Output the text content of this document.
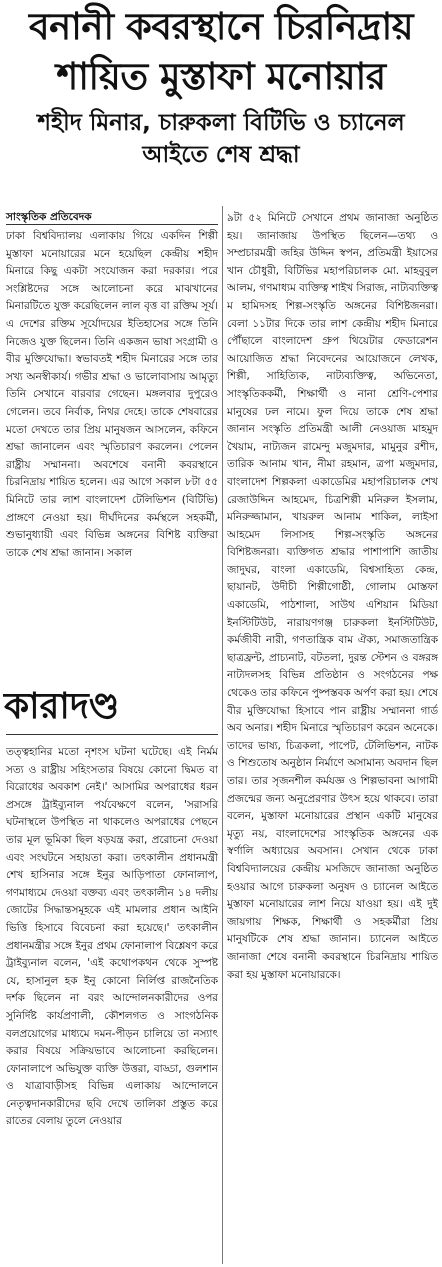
বনানী কবরস্থানে চিরনিদ্রায়
শায়িত মুস্তাফা মনোয়ার
শহীদ মিনার, চারুকলা বিটিভি ও চ্যানেল
আইতে শেষ শ্রদ্ধা
সাংস্কৃতিক প্রতিবেদক

ঢাকা বিশ্ববিদ্যালয় এলাকায় গিয়ে একদিন শিল্পী মুস্তাফা মনোয়ারের মনে হয়েছিল কেন্দ্রীয় শহীদ মিনারে কিছু একটা সংযোজন করা দরকার। পরে সংশ্লিষ্টদের সঙ্গে আলোচনা করে মাঝখানের মিনারটিতে যুক্ত করেছিলেন লাল বৃত্ত বা রক্তিম সূর্য। এ দেশের রক্তিম সূর্যোদয়ের ইতিহাসের সঙ্গে তিনি নিজেও যুক্ত ছিলেন। তিনি একজন ভাষা সংগ্রামী ও বীর মুক্তিযোদ্ধা। স্বভাবতই শহীদ মিনারের সঙ্গে তার সখ্য অনস্বীকার্য। গভীর শ্রদ্ধা ও ভালোবাসায় আমৃত্যু তিনি সেখানে বারবার গেছেন। মঙ্গলবার দুপুরেও গেলেন। তবে নির্বাক, নিথর দেহে। তাকে শেষবারের মতো দেখতে তার প্রিয় মানুষজন আসলেন, কফিনে শ্রদ্ধা জানালেন এবং স্মৃতিচারণ করলেন। পেলেন রাষ্ট্রীয় সম্মাননা। অবশেষে বনানী কবরস্থানে চিরনিদ্রায় শায়িত হলেন। এর আগে সকাল ৮টা ৫৫ মিনিটে তার লাশ বাংলাদেশ টেলিভিশন (বিটিভি) প্রাঙ্গণে নেওয়া হয়। দীর্ঘদিনের কর্মস্থলে সহকর্মী, শুভানুধ্যায়ী এবং বিভিন্ন অঙ্গনের বিশিষ্ট ব্যক্তিরা তাকে শেষ শ্রদ্ধা জানান। সকাল

৯টা ৫২ মিনিটে সেখানে প্রথম জানাজা অনুষ্ঠিত হয়। জানাজায় উপস্থিত ছিলেন—তথ্য ও সম্প্রচারমন্ত্রী জহির উদ্দিন স্বপন, প্রতিমন্ত্রী ইয়াসের খান চৌধুরী, বিটিভির মহাপরিচালক মো. মাহবুবুল আলম, গণমাধ্যম ব্যক্তিত্ব শাইখ সিরাজ, নাট্যব্যক্তিত্ব ম হামিদসহ শিল্প-সংস্কৃতি অঙ্গনের বিশিষ্টজনরা। বেলা ১১টার দিকে তার লাশ কেন্দ্রীয় শহীদ মিনারে পৌঁছালে বাংলাদেশ গ্রুপ থিয়েটার ফেডারেশন আয়োজিত শ্রদ্ধা নিবেদনের আয়োজনে লেখক, শিল্পী, সাহিত্যিক, নাট্যব্যক্তিত্ব, অভিনেতা, সাংস্কৃতিককর্মী, শিক্ষার্থী ও নানা শ্রেণি-পেশার মানুষের ঢল নামে। ফুল দিয়ে তাকে শেষ শ্রদ্ধা জানান সংস্কৃতি প্রতিমন্ত্রী আলী নেওয়াজ মাহমুদ খৈয়াম, নাট্যজন রামেন্দু মজুমদার, মামুনুর রশীদ, তারিক আনাম খান, নীমা রহমান, ত্রপা মজুমদার, বাংলাদেশ শিল্পকলা একাডেমির মহাপরিচালক শেখ রেজাউদ্দিন আহমেদ, চিত্রশিল্পী মনিরুল ইসলাম, মনিরুজ্জামান, খায়রুল আনাম শাকিল, লাইসা আহমেদ লিসাসহ শিল্প-সংস্কৃতি অঙ্গনের বিশিষ্টজনরা। ব্যক্তিগত শ্রদ্ধার পাশাপাশি জাতীয় জাদুঘর, বাংলা একাডেমি, বিশ্বসাহিত্য কেন্দ্র, ছায়ানট, উদীচী শিল্পীগোষ্ঠী, গোলাম মোস্তফা একাডেমি, পাঠশালা, সাউথ এশিয়ান মিডিয়া ইনস্টিটিউট, নারায়ণগঞ্জ চারুকলা ইনস্টিটিউট, কর্মজীবী নারী, গণতান্ত্রিক বাম ঐক্য, সমাজতান্ত্রিক ছাত্রফ্রন্ট, প্রাচ্যনাট, বটতলা, দুরন্ত স্টেশন ও বঙ্গরঙ্গ নাট্যদলসহ বিভিন্ন প্রতিষ্ঠান ও সংগঠনের পক্ষ থেকেও তার কফিনে পুষ্পস্তবক অর্পণ করা হয়। শেষে বীর মুক্তিযোদ্ধা হিসাবে পান রাষ্ট্রীয় সম্মাননা গার্ড অব অনার। শহীদ মিনারে স্মৃতিচারণ করেন অনেকে। তাদের ভাষ্য, চিত্রকলা, পাপেট, টেলিভিশন, নাটক ও শিশুতোষ অনুষ্ঠান নির্মাণে অসামান্য অবদান ছিল তার। তার সৃজনশীল কর্মযজ্ঞ ও শিল্পভাবনা আগামী প্রজন্মের জন্য অনুপ্রেরণার উৎস হয়ে থাকবে। তারা বলেন, মুস্তাফা মনোয়ারের প্রস্থান একটি মানুষের মৃত্যু নয়, বাংলাদেশের সাংস্কৃতিক অঙ্গনের এক স্বর্ণালি অধ্যায়ের অবসান। সেখান থেকে ঢাকা বিশ্ববিদ্যালয়ের কেন্দ্রীয় মসজিদে জানাজা অনুষ্ঠিত হওয়ার আগে চারুকলা অনুষদ ও চ্যানেল আইতে মুস্তাফা মনোয়ারের লাশ নিয়ে যাওয়া হয়। এই দুই জায়গায় শিক্ষক, শিক্ষার্থী ও সহকর্মীরা প্রিয় মানুষটিকে শেষ শ্রদ্ধা জানান। চ্যানেল আইতে জানাজা শেষে বনানী কবরস্থানে চিরনিদ্রায় শায়িত করা হয় মুস্তাফা মনোয়ারকে।

কারাদণ্ড

তত্ত্বহানির মতো নৃশংস ঘটনা ঘটেছে। এই নির্মম সত্য ও রাষ্ট্রীয় সহিংসতার বিষয়ে কোনো দ্বিমত বা বিরোধের অবকাশ নেই।' আসামির অপরাধের ধরন প্রসঙ্গে ট্রাইব্যুনাল পর্যবেক্ষণে বলেন, 'সরাসরি ঘটনাস্থলে উপস্থিত না থাকলেও অপরাধের পেছনে তার মূল ভূমিকা ছিল ষড়যন্ত্র করা, প্ররোচনা দেওয়া এবং সংঘটনে সহায়তা করা। তৎকালীন প্রধানমন্ত্রী শেখ হাসিনার সঙ্গে ইনুর আড়িপাতা ফোনালাপ, গণমাধ্যমে দেওয়া বক্তব্য এবং তৎকালীন ১৪ দলীয় জোটের সিদ্ধান্তসমূহকে এই মামলার প্রধান আইনি ভিত্তি হিসাবে বিবেচনা করা হয়েছে।' তৎকালীন প্রধানমন্ত্রীর সঙ্গে ইনুর প্রথম ফোনালাপ বিশ্লেষণ করে ট্রাইব্যুনাল বলেন, 'এই কথোপকথন থেকে সুস্পষ্ট যে, হাসানুল হক ইনু কোনো নির্লিপ্ত রাজনৈতিক দর্শক ছিলেন না বরং আন্দোলনকারীদের ওপর সুনির্দিষ্ট কার্যপ্রণালী, কৌশলগত ও সাংগঠনিক বলপ্রয়োগের মাধ্যমে দমন-পীড়ন চালিয়ে তা নস্যাৎ করার বিষয়ে সক্রিয়ভাবে আলোচনা করছিলেন। ফোনালাপে অভিযুক্ত ব্যক্তি উত্তরা, বাড্ডা, গুলশান ও যাত্রাবাড়ীসহ বিভিন্ন এলাকায় আন্দোলনে নেতৃত্বদানকারীদের ছবি দেখে তালিকা প্রস্তুত করে রাতের বেলায় তুলে নেওয়ার
